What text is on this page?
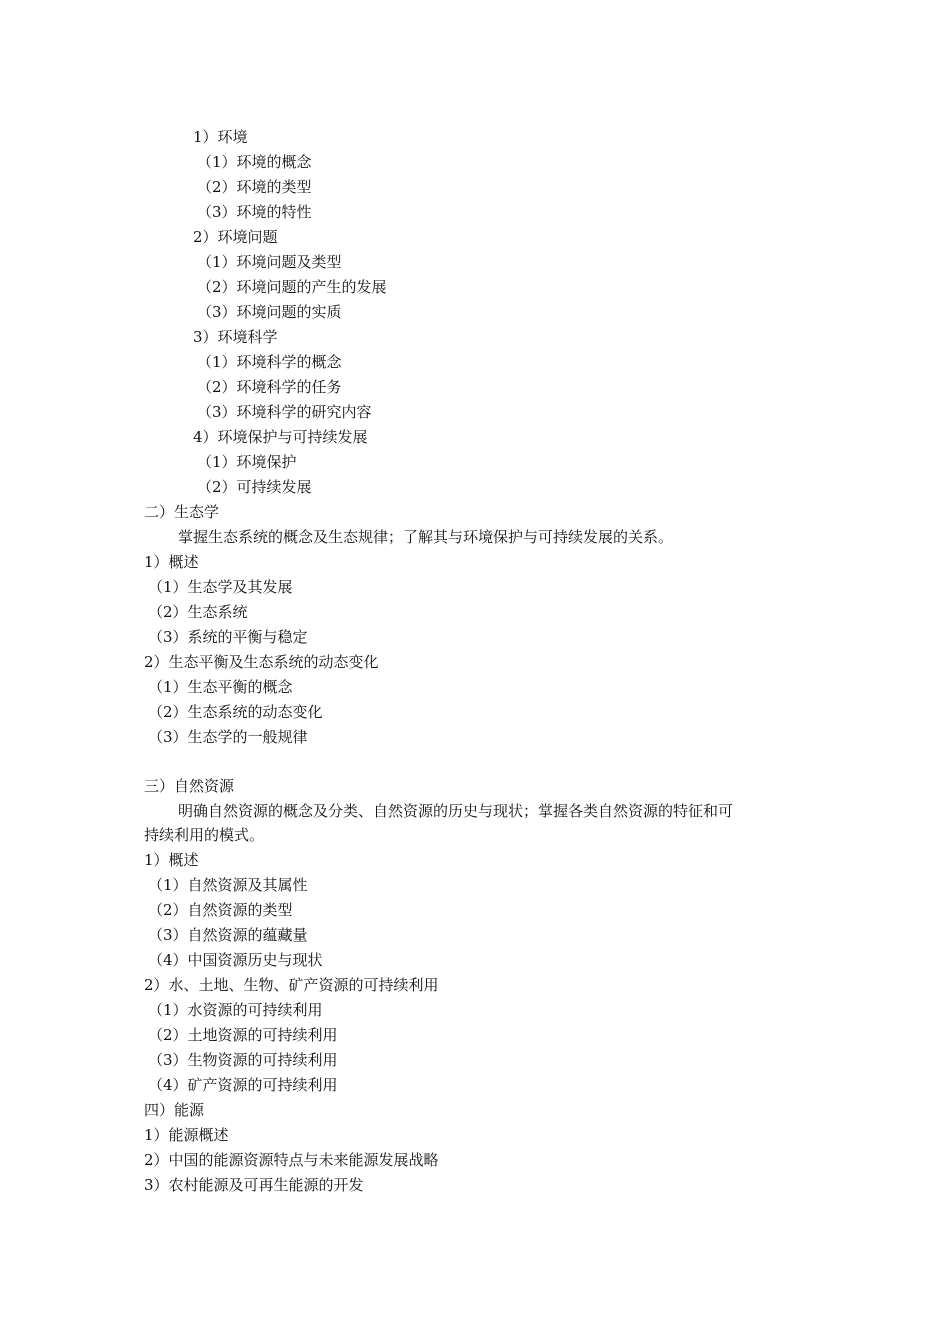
1）环境
（1）环境的概念
（2）环境的类型
（3）环境的特性
2）环境问题
（1）环境问题及类型
（2）环境问题的产生的发展
（3）环境问题的实质
3）环境科学
（1）环境科学的概念
（2）环境科学的任务
（3）环境科学的研究内容
4）环境保护与可持续发展
（1）环境保护
（2）可持续发展
二）生态学
掌握生态系统的概念及生态规律；了解其与环境保护与可持续发展的关系。
1）概述
（1）生态学及其发展
（2）生态系统
（3）系统的平衡与稳定
2）生态平衡及生态系统的动态变化
（1）生态平衡的概念
（2）生态系统的动态变化
（3）生态学的一般规律
三）自然资源
明确自然资源的概念及分类、自然资源的历史与现状；掌握各类自然资源的特征和可
持续利用的模式。
1）概述
（1）自然资源及其属性
（2）自然资源的类型
（3）自然资源的蕴藏量
（4）中国资源历史与现状
2）水、土地、生物、矿产资源的可持续利用
（1）水资源的可持续利用
（2）土地资源的可持续利用
（3）生物资源的可持续利用
（4）矿产资源的可持续利用
四）能源
1）能源概述
2）中国的能源资源特点与未来能源发展战略
3）农村能源及可再生能源的开发
